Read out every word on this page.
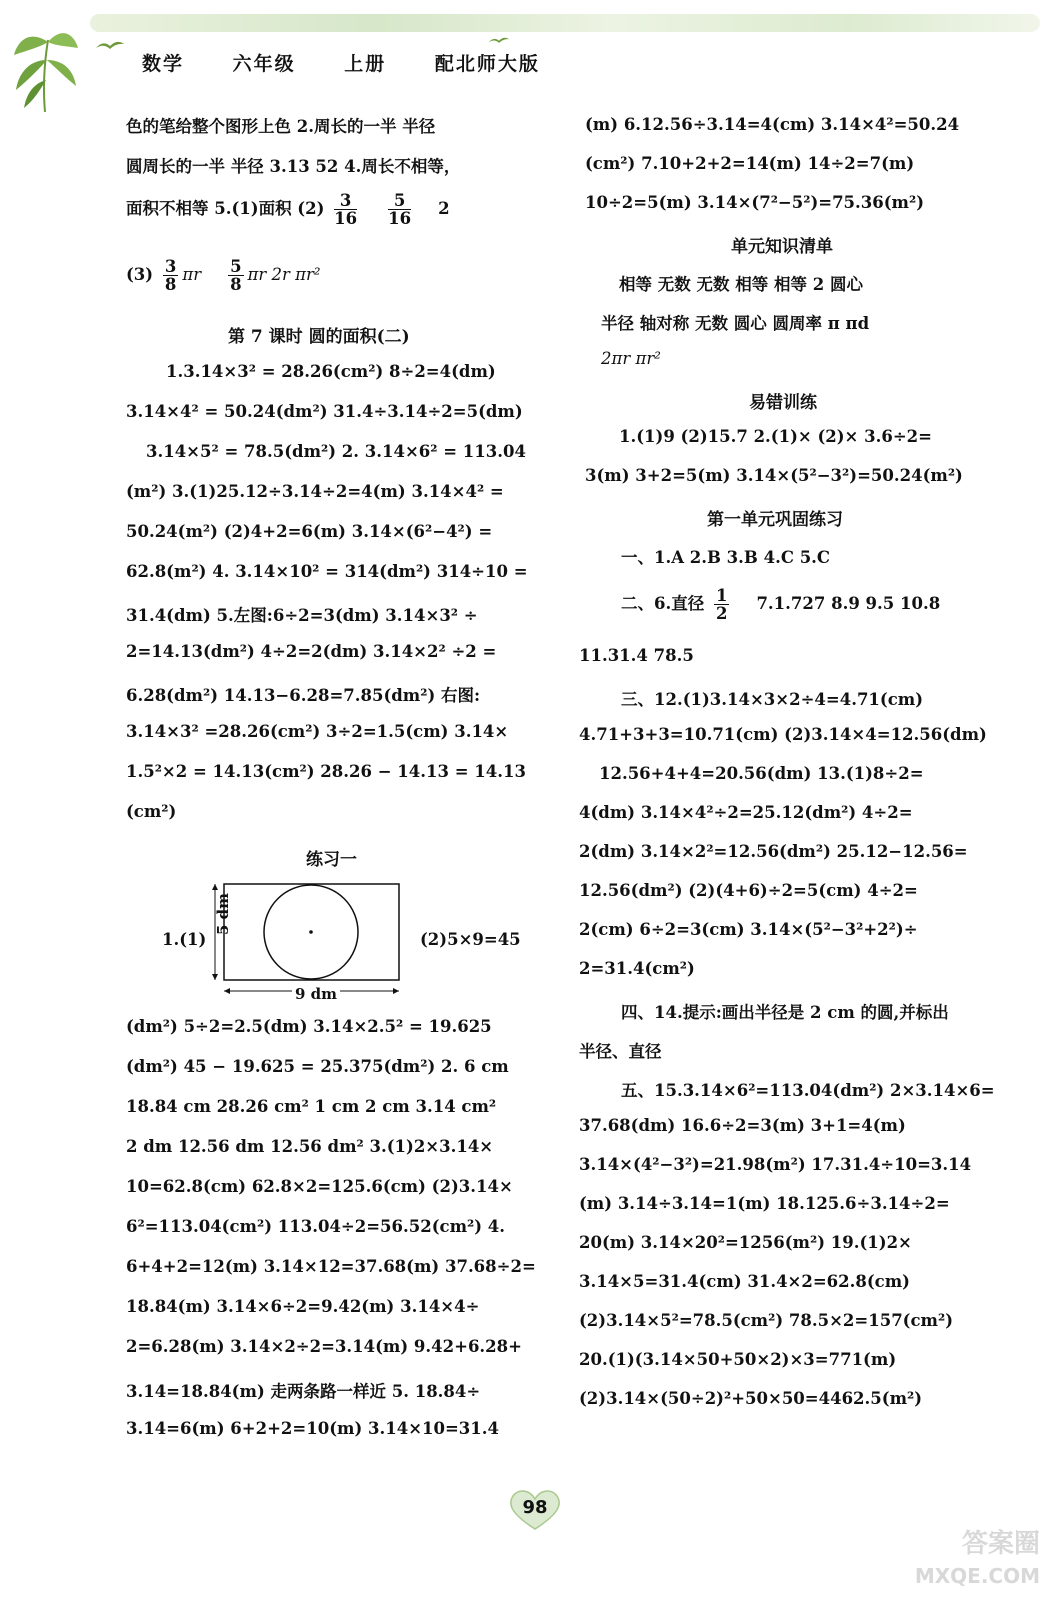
数学	六年级	上册	配北师大版
色的笔给整个图形上色 2.周长的一半 半径
圆周长的一半 半径 3.13 52 4.周长不相等，
面积不相等 5.(1)面积 $(2) \frac{3}{16}$
$\frac{5}{16} 2$
$(3) \frac{3}{8}$ πr $\frac{5}{8}$ πr 2r πr²
第 7 课时 圆的面积(二)
1.3.14×3² = 28.26(cm²) 8÷2=4(dm)
3.14×4² = 50.24(dm²) 31.4÷3.14÷2=5(dm)
3.14×5² = 78.5(dm²) 2. 3.14×6² = 113.04
(m²) 3.(1)25.12÷3.14÷2=4(m) 3.14×4² =
50.24(m²) (2)4+2=6(m) 3.14×(6²−4²) =
62.8(m²) 4. 3.14×10² = 314(dm²) 314÷10 =
31.4(dm) 5.左图:6÷2=3(dm) 3.14×3² ÷
2=14.13(dm²) 4÷2=2(dm) 3.14×2² ÷2 =
6.28(dm²) 14.13−6.28=7.85(dm²) 右图:
3.14×3² =28.26(cm²) 3÷2=1.5(cm) 3.14×
1.5²×2 = 14.13(cm²) 28.26 − 14.13 = 14.13
(cm²)
练习一
1.(1)	(2)5×9=45
(dm²) 5÷2=2.5(dm) 3.14×2.5² = 19.625
(dm²) 45 − 19.625 = 25.375(dm²) 2. 6 cm
18.84 cm 28.26 cm² 1 cm 2 cm 3.14 cm²
2 dm 12.56 dm 12.56 dm² 3.(1)2×3.14×
10=62.8(cm) 62.8×2=125.6(cm) (2)3.14×
6²=113.04(cm²) 113.04÷2=56.52(cm²) 4.
6+4+2=12(m) 3.14×12=37.68(m) 37.68÷2=
18.84(m) 3.14×6÷2=9.42(m) 3.14×4÷
2=6.28(m) 3.14×2÷2=3.14(m) 9.42+6.28+
3.14=18.84(m) 走两条路一样近 5. 18.84÷
3.14=6(m) 6+2+2=10(m) 3.14×10=31.4
5 dm
9 dm
(m) 6.12.56÷3.14=4(cm) 3.14×4²=50.24
(cm²) 7.10+2+2=14(m) 14÷2=7(m)
10÷2=5(m) 3.14×(7²−5²)=75.36(m²)
单元知识清单
相等 无数 无数 相等 相等 2 圆心
半径 轴对称 无数 圆心 圆周率 π πd
2πr πr²
易错训练
1.(1)9 (2)15.7 2.(1)× (2)× 3.6÷2=
3(m) 3+2=5(m) 3.14×(5²−3²)=50.24(m²)
第一单元巩固练习
一、1.A 2.B 3.B 4.C 5.C
二、6.直径 $\frac{1}{2} 7.1.727$ 8.9 9.5 10.8
11.31.4 78.5
三、12.(1)3.14×3×2÷4=4.71(cm)
4.71+3+3=10.71(cm) (2)3.14×4=12.56(dm)
12.56+4+4=20.56(dm) 13.(1)8÷2=
4(dm) 3.14×4²÷2=25.12(dm²) 4÷2=
2(dm) 3.14×2²=12.56(dm²) 25.12−12.56=
12.56(dm²) (2)(4+6)÷2=5(cm) 4÷2=
2(cm) 6÷2=3(cm) 3.14×(5²−3²+2²)÷
2=31.4(cm²)
四、14.提示:画出半径是 2 cm 的圆,并标出
半径、直径
五、15.3.14×6²=113.04(dm²) 2×3.14×6=
37.68(dm) 16.6÷2=3(m) 3+1=4(m)
3.14×(4²−3²)=21.98(m²) 17.31.4÷10=3.14
(m) 3.14÷3.14=1(m) 18.125.6÷3.14÷2=
20(m) 3.14×20²=1256(m²) 19.(1)2×
3.14×5=31.4(cm) 31.4×2=62.8(cm)
(2)3.14×5²=78.5(cm²) 78.5×2=157(cm²)
20.(1)(3.14×50+50×2)×3=771(m)
(2)3.14×(50÷2)²+50×50=4462.5(m²)
98
答案圈
MXQE.COM
